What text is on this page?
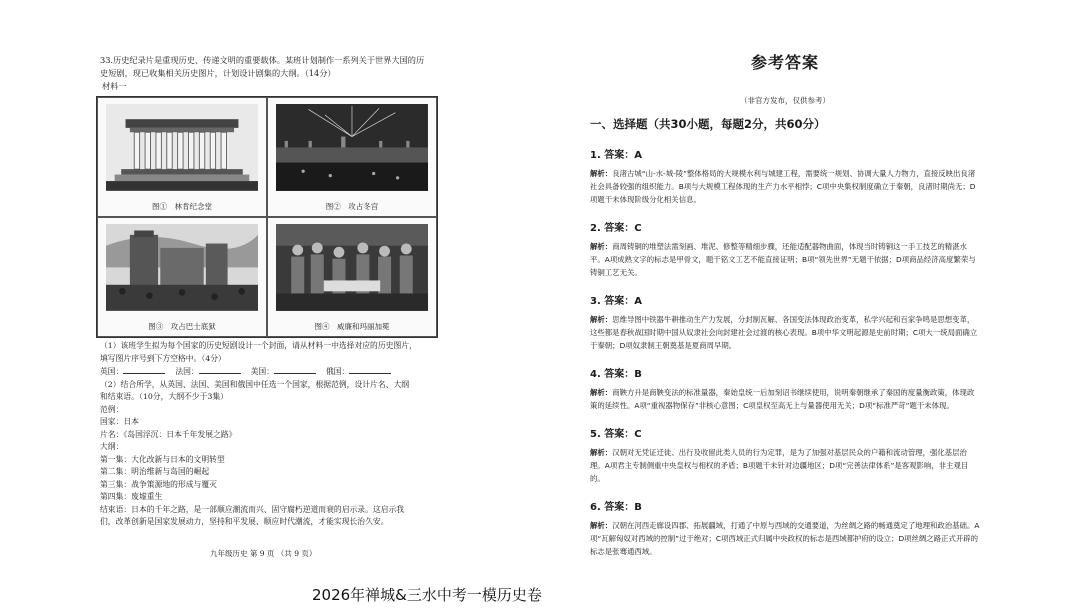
33.历史纪录片是重现历史、传递文明的重要载体。某班计划制作一系列关于世界大国的历

史短剧，现已收集相关历史图片，计划设计剧集的大纲。（14分）

材料一

图①　林肯纪念堂	图②　攻占冬宫
图③　攻占巴士底狱	图④　威廉和玛丽加冕

（1）该班学生拟为每个国家的历史短剧设计一个封面，请从材料一中选择对应的历史图片，

填写图片序号到下方空格中。（4分）

英国：	法国：	美国：	俄国：

（2）结合所学，从英国、法国、美国和俄国中任选一个国家，根据范例，设计片名、大纲

和结束语。（10分，大纲不少于3集）

范例：

国家：日本

片名：《岛国浮沉：日本千年发展之路》

大纲：

第一集：大化改新与日本的文明转型

第二集：明治维新与岛国的崛起

第三集：战争策源地的形成与覆灭

第四集：废墟重生

结束语：日本的千年之路，是一部顺应潮流而兴、固守腐朽逆道而衰的启示录。这启示我

们，改革创新是国家发展动力，坚持和平发展、顺应时代潮流，才能实现长治久安。

九年级历史 第 9 页 （共 9 页）
2026年禅城&三水中考一模历史卷

参考答案

（非官方发布，仅供参考）

一、选择题（共30小题，每题2分，共60分）

1. 答案：A

解析：良渚古城“山-水-城-陵”整体格局的大规模水利与城建工程，需要统一规划、协调大量人力物力，直接反映出良渚社会具备较强的组织能力。B项与大规模工程体现的生产力水平相悖；C项中央集权制度确立于秦朝，良渚时期尚无；D项题干未体现阶级分化相关信息。

2. 答案：C

解析：商周铸铜的堆塑法需刻画、堆泥、修整等精细步骤，还能适配器物曲面，体现当时铸铜这一手工技艺的精湛水平。A项成熟文字的标志是甲骨文，题干铭文工艺不能直接证明；B项“领先世界”无题干依据；D项商品经济高度繁荣与铸铜工艺无关。

3. 答案：A

解析：思维导图中铁器牛耕推动生产力发展，分封制瓦解、各国变法体现政治变革，私学兴起和百家争鸣是思想变革，这些都是春秋战国时期中国从奴隶社会向封建社会过渡的核心表现。B项中华文明起源是史前时期；C项大一统局面确立于秦朝；D项奴隶制王朝奠基是夏商周早期。

4. 答案：B

解析：商鞅方升是商鞅变法的标准量器，秦始皇统一后加刻诏书继续使用，说明秦朝继承了秦国的度量衡政策，体现政策的延续性。A项“重视器物保存”非核心意图；C项皇权至高无上与量器使用无关；D项“标准严苛”题干未体现。

5. 答案：C

解析：汉朝对无凭证迁徙、出行及收留此类人员的行为定罪，是为了加强对基层民众的户籍和流动管理，强化基层治理。A项君主专制侧重中央皇权与相权的矛盾；B项题干未针对边疆地区；D项“完善法律体系”是客观影响，非主观目的。

6. 答案：B

解析：汉朝在河西走廊设四郡、拓展疆域，打通了中原与西域的交通要道，为丝绸之路的畅通奠定了地理和政治基础。A项“瓦解匈奴对西域的控制”过于绝对；C项西域正式归属中央政权的标志是西域都护府的设立；D项丝绸之路正式开辟的标志是张骞通西域。
